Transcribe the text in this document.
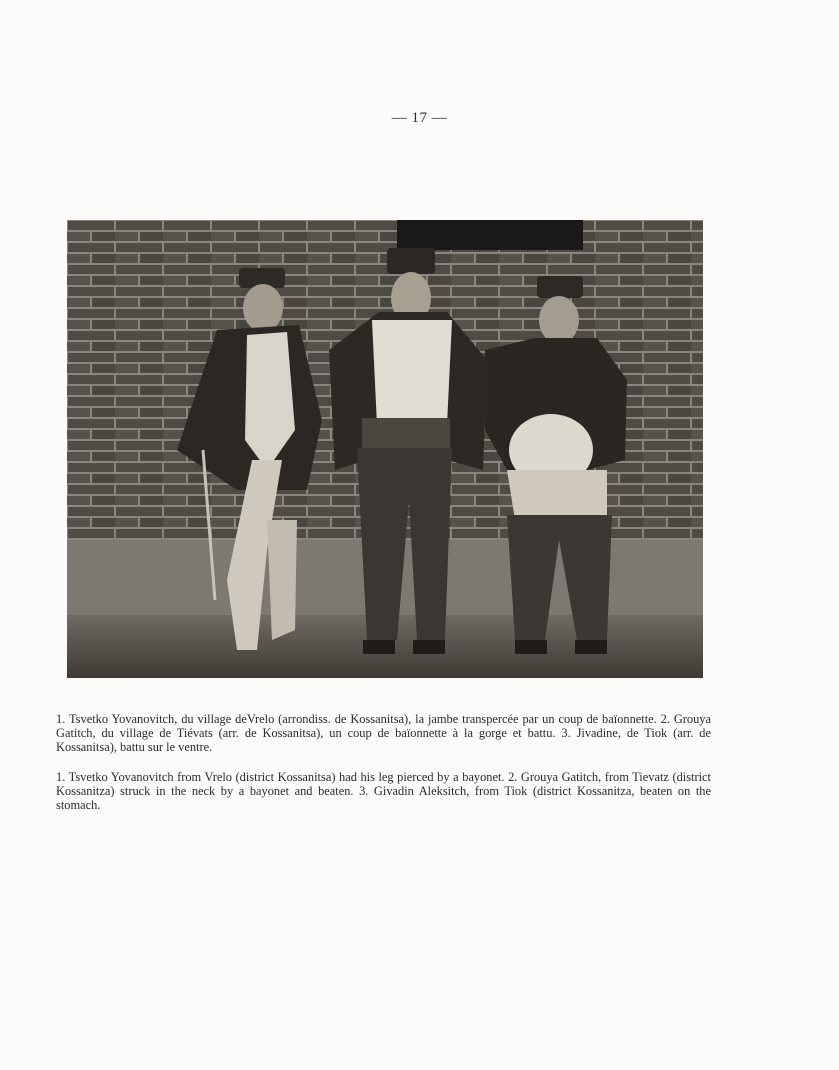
— 17 —

1. Tsvetko Yovanovitch, du village deVrelo (arrondiss. de Kossanitsa), la jambe transpercée par un coup de baïonnette. 2. Grouya Gatitch, du village de Tiévats (arr. de Kossanitsa), un coup de baïonnette à la gorge et battu. 3. Jivadine, de Tiok (arr. de Kossanitsa), battu sur le ventre.

1. Tsvetko Yovanovitch from Vrelo (district Kossanitsa) had his leg pierced by a bayonet. 2. Grouya Gatitch, from Tievatz (district Kossanitza) struck in the neck by a bayonet and beaten. 3. Givadin Aleksitch, from Tiok (district Kossanitza, beaten on the stomach.
